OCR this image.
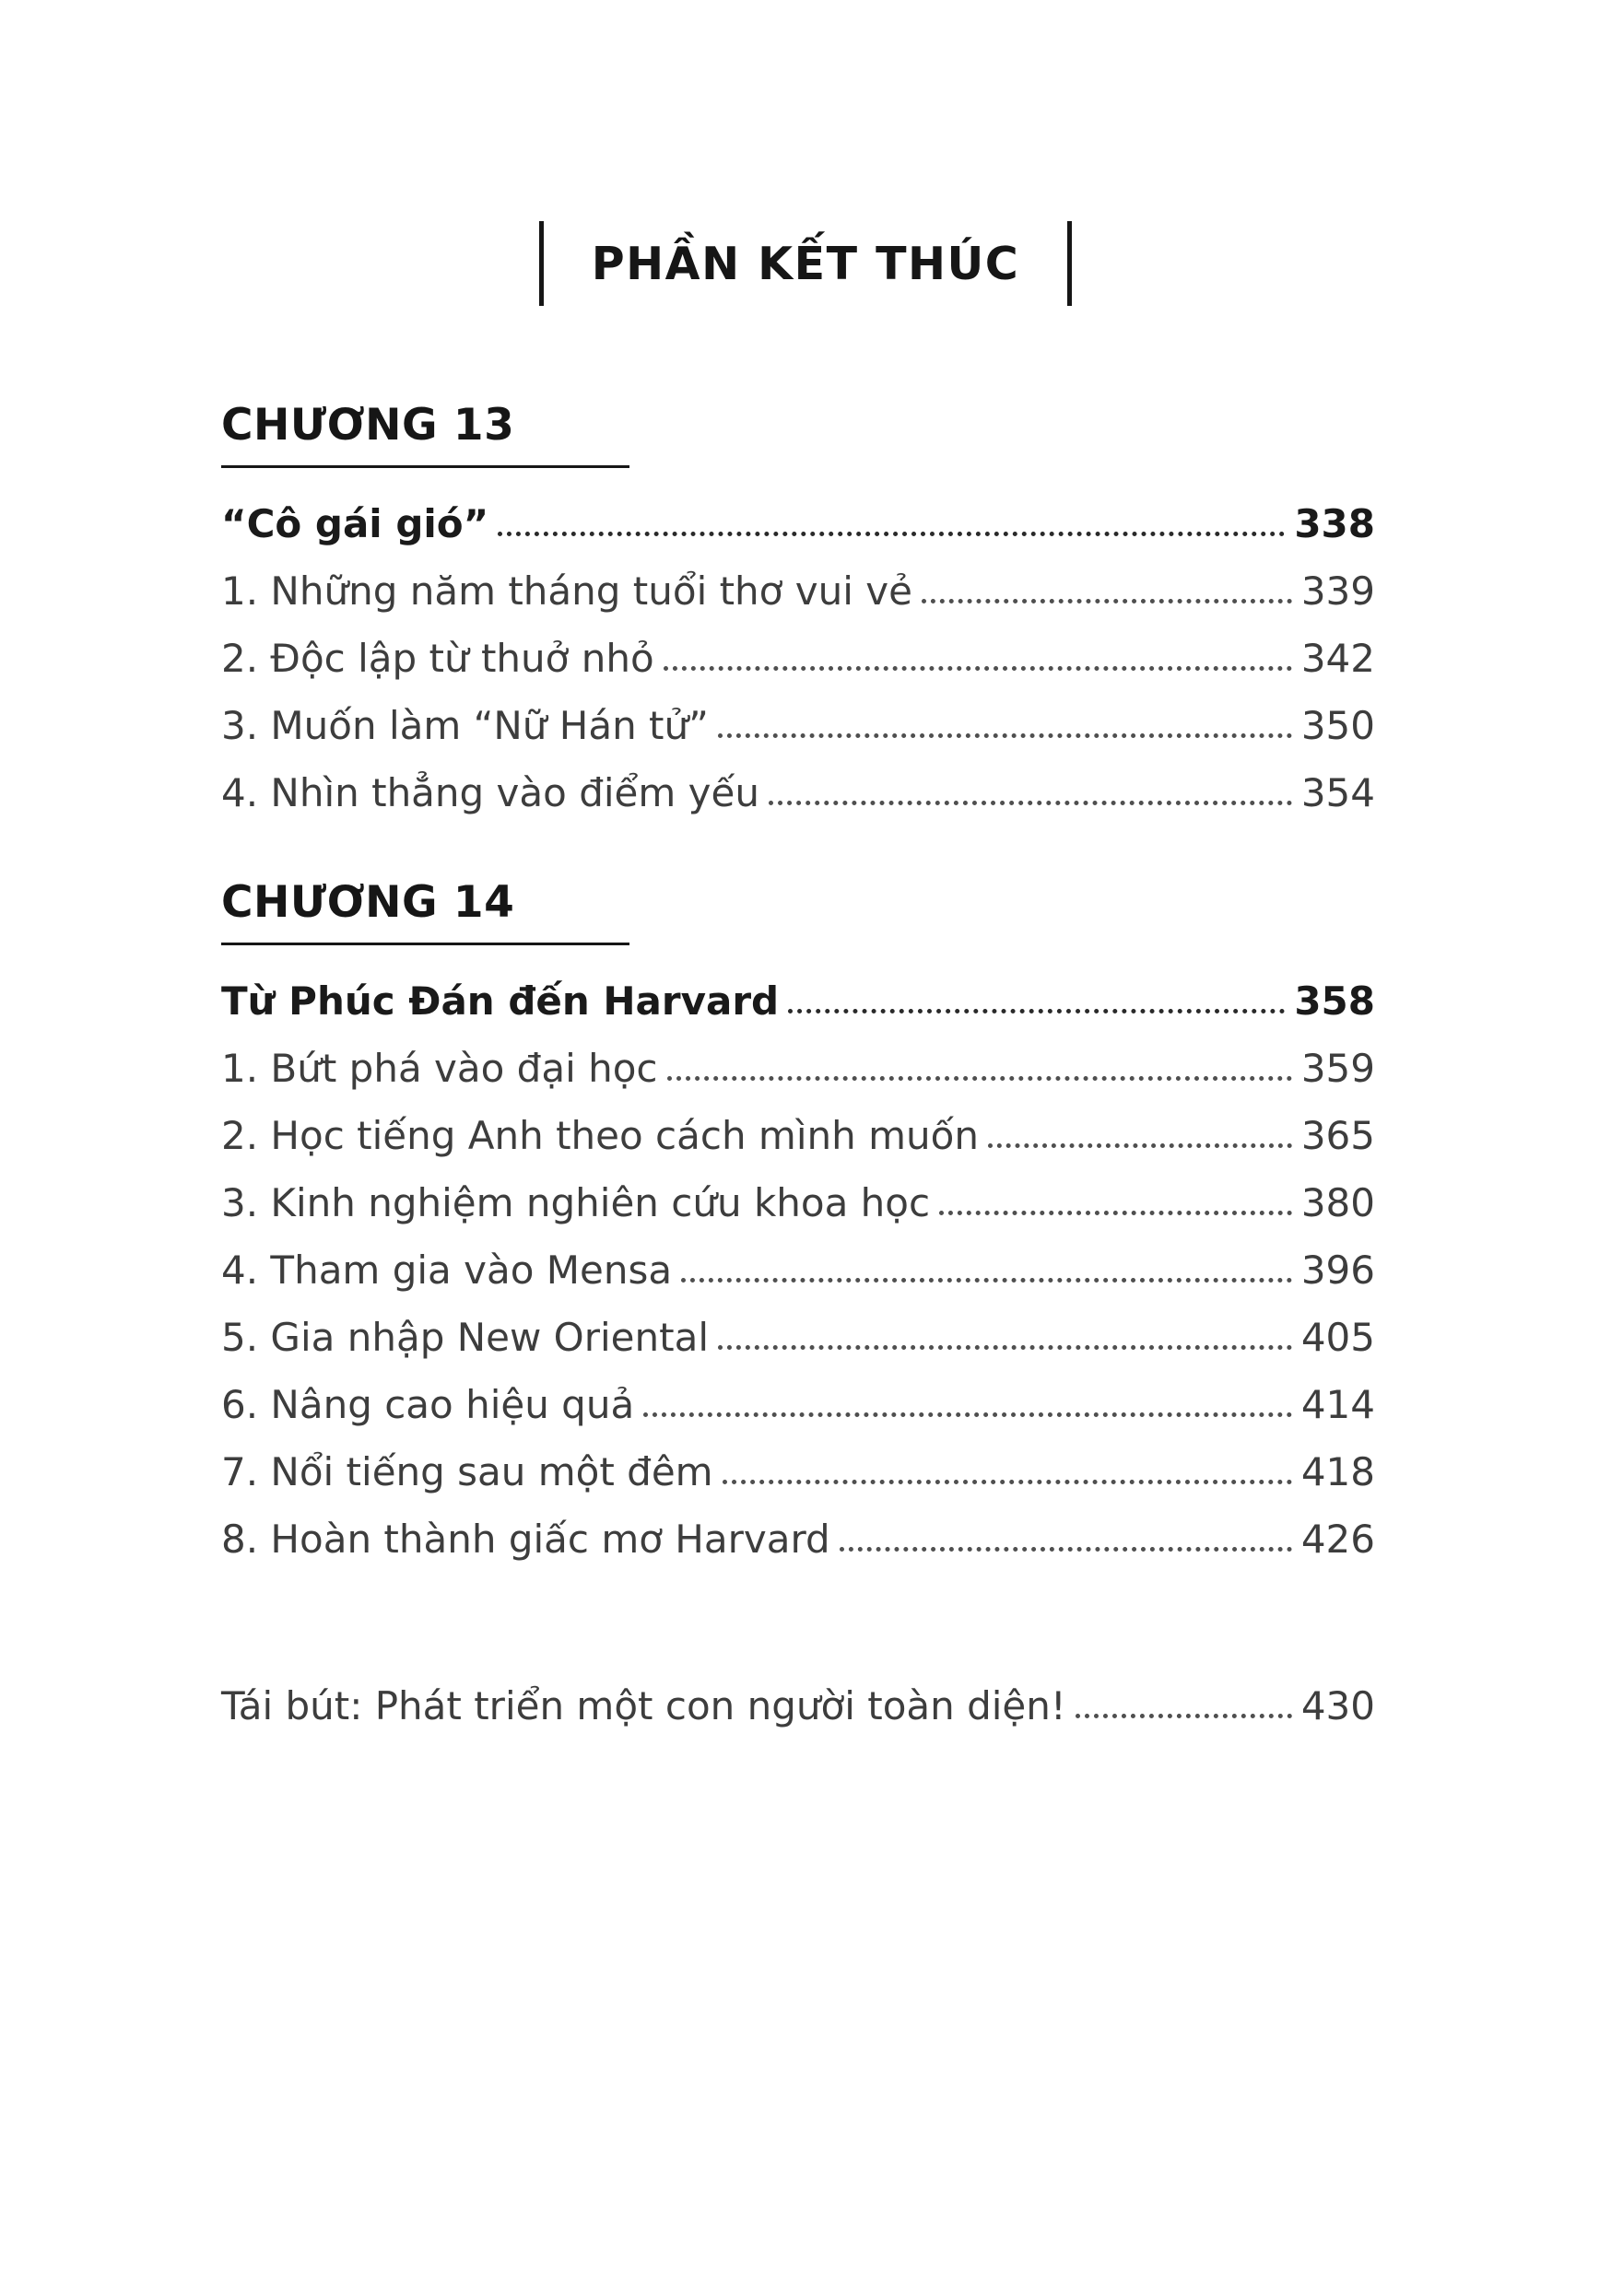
PHẦN KẾT THÚC
CHƯƠNG 13
“Cô gái gió”	338
1. Những năm tháng tuổi thơ vui vẻ	339
2. Độc lập từ thuở nhỏ	342
3. Muốn làm “Nữ Hán tử”	350
4. Nhìn thẳng vào điểm yếu	354
CHƯƠNG 14
Từ Phúc Đán đến Harvard	358
1. Bứt phá vào đại học	359
2. Học tiếng Anh theo cách mình muốn	365
3. Kinh nghiệm nghiên cứu khoa học	380
4. Tham gia vào Mensa	396
5. Gia nhập New Oriental	405
6. Nâng cao hiệu quả	414
7. Nổi tiếng sau một đêm	418
8. Hoàn thành giấc mơ Harvard	426
Tái bút: Phát triển một con người toàn diện!	430
